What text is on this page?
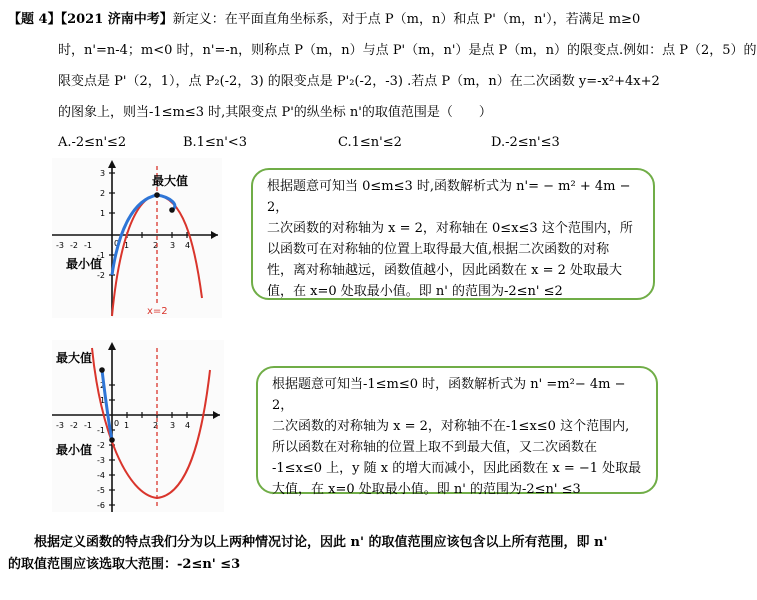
【题 4】【2021 济南中考】新定义：在平面直角坐标系，对于点 P（m，n）和点 P'（m，n'），若满足 m≥0
时，n'=n-4；m<0 时，n'=-n，则称点 P（m，n）与点 P'（m，n'）是点 P（m，n）的限变点.例如：点 P（2，5）的
限变点是 P'（2，1），点 P₂(-2，3) 的限变点是 P'₂(-2，-3) .若点 P（m，n）在二次函数 y=-x²+4x+2
的图象上，则当-1≤m≤3 时,其限变点 P'的纵坐标 n'的取值范围是（　　）
A.-2≤n'≤2	B.1≤n'<3	C.1≤n'≤2	D.-2≤n'≤3
-3 -2 -1	0 1	2 3 4
3
2
1
-1
-2
最大值
最小值
x=2

根据题意可知当 0≤m≤3 时,函数解析式为 n'= − m² + 4m − 2，

二次函数的对称轴为 x = 2，对称轴在 0≤x≤3 这个范围内，所

以函数可在对称轴的位置上取得最大值,根据二次函数的对称

性，离对称轴越远，函数值越小，因此函数在 x = 2 处取最大

值，在 x=0 处取最小值。即 n' 的范围为-2≤n' ≤2

-3 -2 -1	0 1	2 3 4
2
1
-1
-2
-3
-4
-5
-6
最大值
最小值

根据题意可知当-1≤m≤0 时，函数解析式为 n' =m²− 4m − 2，

二次函数的对称轴为 x = 2，对称轴不在-1≤x≤0 这个范围内,

所以函数在对称轴的位置上取不到最大值，又二次函数在

-1≤x≤0 上，y 随 x 的增大而减小，因此函数在 x = −1 处取最

大值，在 x=0 处取最小值。即 n' 的范围为-2≤n' ≤3

根据定义函数的特点我们分为以上两种情况讨论，因此 n' 的取值范围应该包含以上所有范围，即 n'
的取值范围应该选取大范围：-2≤n' ≤3
